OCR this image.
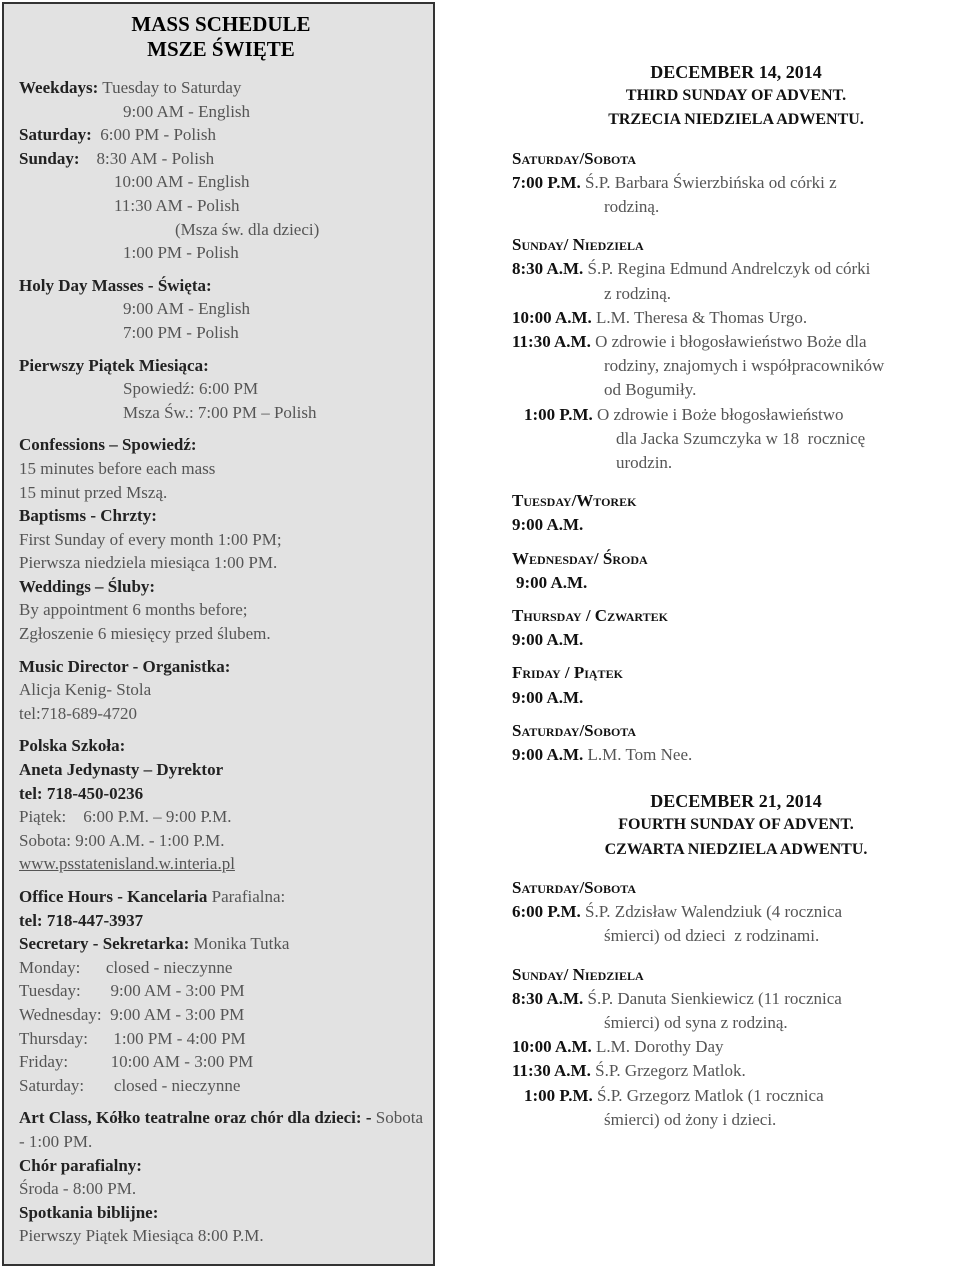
MASS SCHEDULE
MSZE ŚWIĘTE
Weekdays: Tuesday to Saturday
9:00 AM - English
Saturday:  6:00 PM - Polish
Sunday:    8:30 AM - Polish
10:00 AM - English
11:30 AM - Polish
(Msza św. dla dzieci)
1:00 PM - Polish
Holy Day Masses - Święta:
9:00 AM - English
7:00 PM - Polish
Pierwszy Piątek Miesiąca:
Spowiedź: 6:00 PM
Msza Św.: 7:00 PM – Polish
Confessions – Spowiedź:
15 minutes before each mass
15 minut przed Mszą.
Baptisms - Chrzty:
First Sunday of every month 1:00 PM;
Pierwsza niedziela miesiąca 1:00 PM.
Weddings – Śluby:
By appointment 6 months before;
Zgłoszenie 6 miesięcy przed ślubem.
Music Director - Organistka:
Alicja Kenig- Stola
tel:718-689-4720
Polska Szkoła:
Aneta Jedynasty – Dyrektor
tel: 718-450-0236
Piątek:    6:00 P.M. – 9:00 P.M.
Sobota: 9:00 A.M. - 1:00 P.M.
www.psstatenisland.w.interia.pl
Office Hours - Kancelaria Parafialna:
tel: 718-447-3937
Secretary - Sekretarka: Monika Tutka
Monday:      closed - nieczynne
Tuesday:       9:00 AM - 3:00 PM
Wednesday:  9:00 AM - 3:00 PM
Thursday:      1:00 PM - 4:00 PM
Friday:          10:00 AM - 3:00 PM
Saturday:       closed - nieczynne
Art Class, Kółko teatralne oraz chór dla dzieci: - Sobota - 1:00 PM.
Chór parafialny:
Środa - 8:00 PM.
Spotkania biblijne:
Pierwszy Piątek Miesiąca 8:00 P.M.
DECEMBER 14, 2014
THIRD SUNDAY OF ADVENT.
TRZECIA NIEDZIELA ADWENTU.
Saturday/Sobota
7:00 P.M. Ś.P. Barbara Świerzbińska od córki z
rodziną.
Sunday/ Niedziela
8:30 A.M. Ś.P. Regina Edmund Andrelczyk od córki
z rodziną.
10:00 A.M. L.M. Theresa & Thomas Urgo.
11:30 A.M. O zdrowie i błogosławieństwo Boże dla
rodziny, znajomych i współpracowników
od Bogumiły.
1:00 P.M. O zdrowie i Boże błogosławieństwo
dla Jacka Szumczyka w 18  rocznicę
urodzin.
Tuesday/Wtorek
9:00 A.M.
Wednesday/ Środa
9:00 A.M.
Thursday / Czwartek
9:00 A.M.
Friday / Piątek
9:00 A.M.
Saturday/Sobota
9:00 A.M. L.M. Tom Nee.
DECEMBER 21, 2014
FOURTH SUNDAY OF ADVENT.
CZWARTA NIEDZIELA ADWENTU.
Saturday/Sobota
6:00 P.M. Ś.P. Zdzisław Walendziuk (4 rocznica
śmierci) od dzieci  z rodzinami.
Sunday/ Niedziela
8:30 A.M. Ś.P. Danuta Sienkiewicz (11 rocznica
śmierci) od syna z rodziną.
10:00 A.M. L.M. Dorothy Day
11:30 A.M. Ś.P. Grzegorz Matlok.
1:00 P.M. Ś.P. Grzegorz Matlok (1 rocznica
śmierci) od żony i dzieci.
